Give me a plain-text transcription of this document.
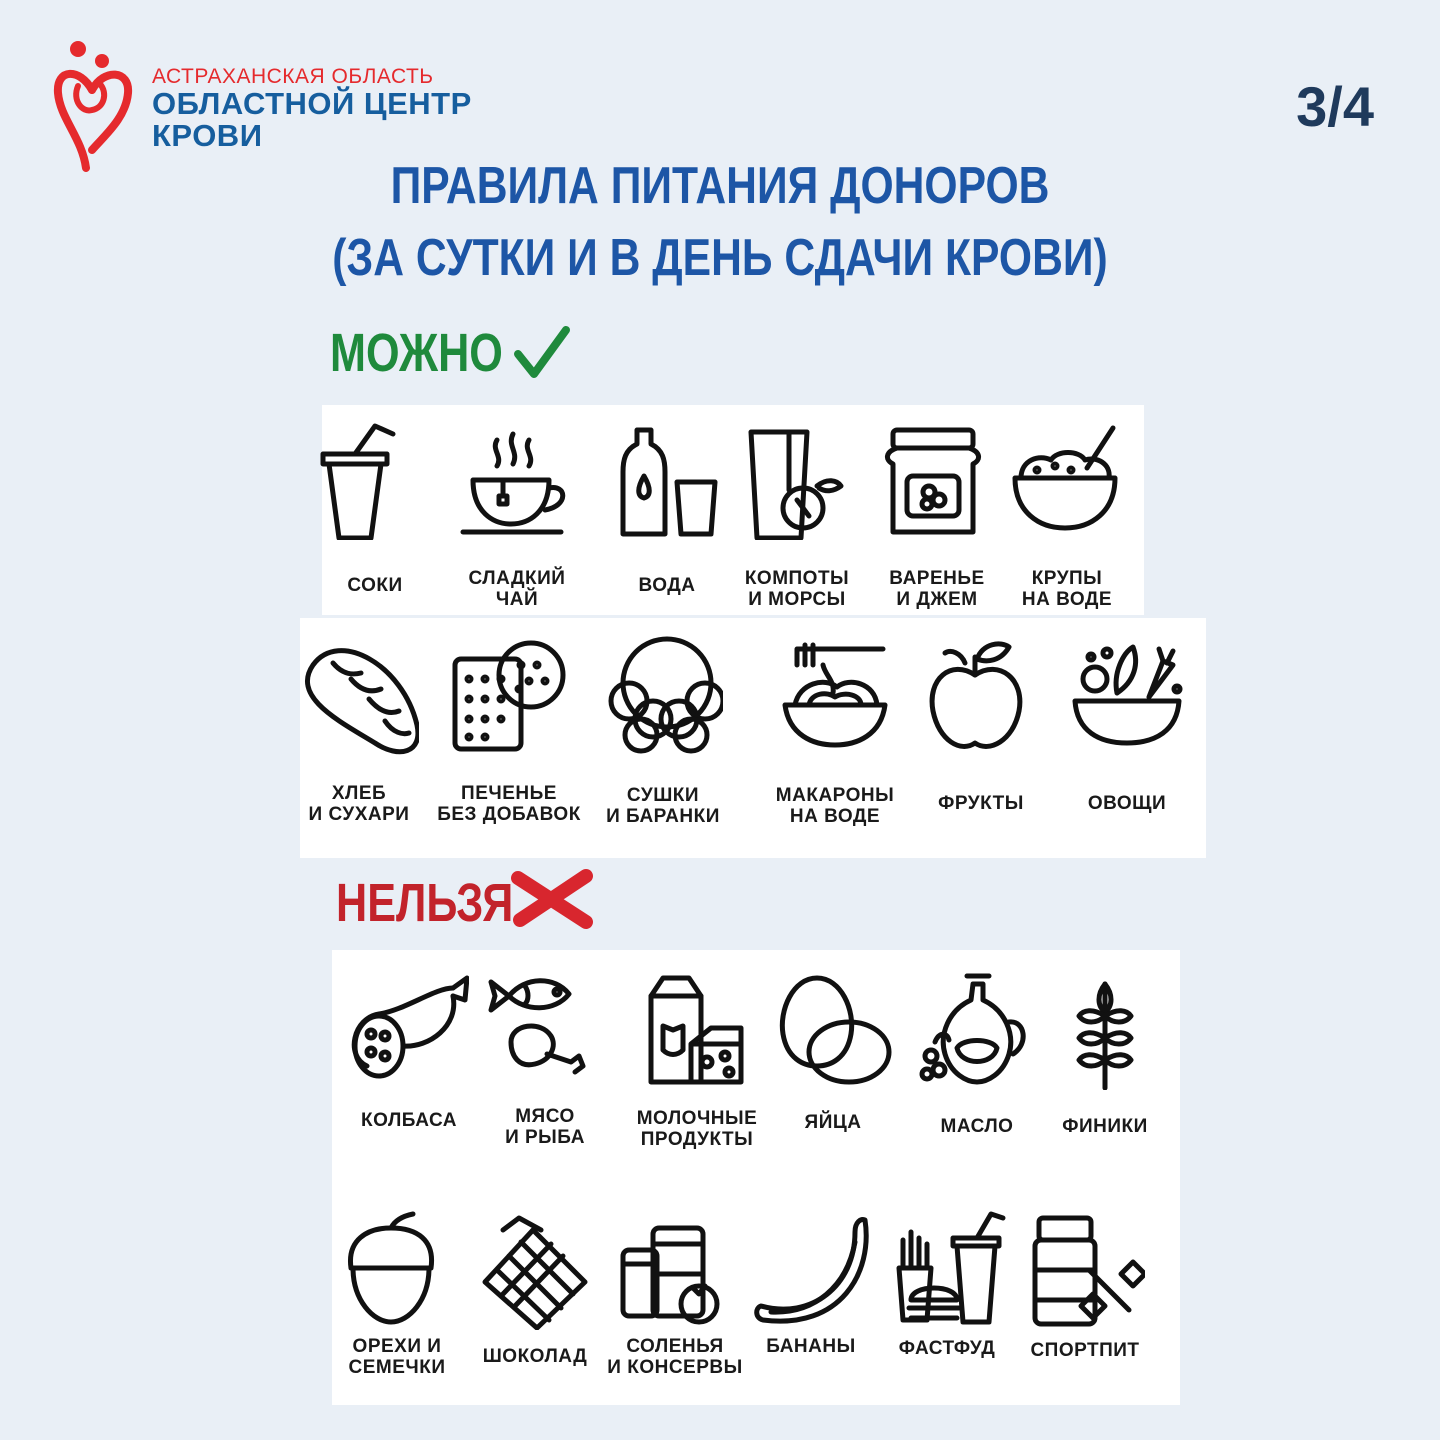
АСТРАХАНСКАЯ ОБЛАСТЬ
ОБЛАСТНОЙ ЦЕНТР
КРОВИ	3/4
ПРАВИЛА ПИТАНИЯ ДОНОРОВ
(ЗА СУТКИ И В ДЕНЬ СДАЧИ КРОВИ)
МОЖНО
СОКИ	СЛАДКИЙ
ЧАЙ
ВОДА	КОМПОТЫ
И МОРСЫ
ВАРЕНЬЕ
И ДЖЕМ
КРУПЫ
НА ВОДЕ
ХЛЕБ
И СУХАРИ
ПЕЧЕНЬЕ
БЕЗ ДОБАВОК
СУШКИ
И БАРАНКИ
МАКАРОНЫ
НА ВОДЕ
ФРУКТЫ	ОВОЩИ
НЕЛЬЗЯ
КОЛБАСА	МЯСО
И РЫБА
МОЛОЧНЫЕ
ПРОДУКТЫ
ЯЙЦА	МАСЛО	ФИНИКИ
ОРЕХИ И
СЕМЕЧКИ
ШОКОЛАД	СОЛЕНЬЯ
И КОНСЕРВЫ
БАНАНЫ	ФАСТФУД	СПОРТПИТ
